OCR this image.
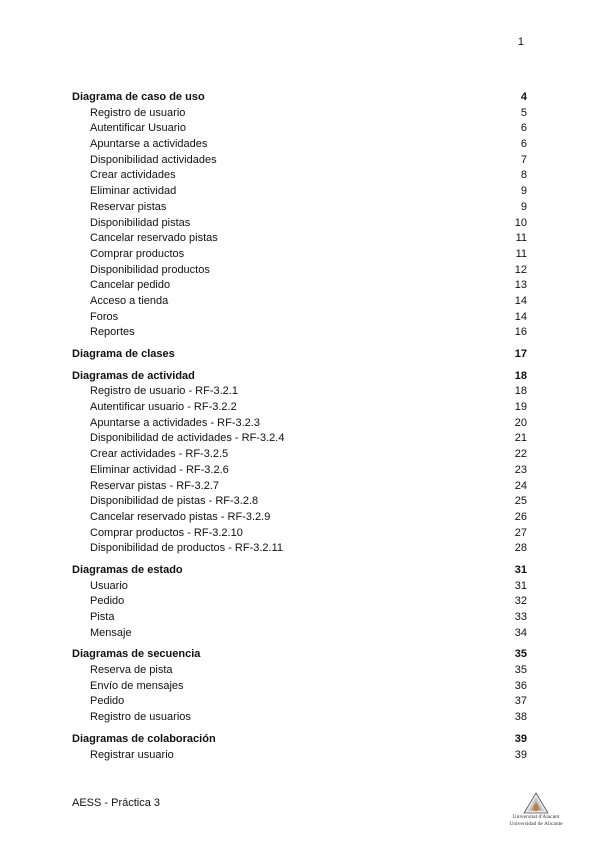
1
Diagrama de caso de uso	4
Registro de usuario	5
Autentificar Usuario	6
Apuntarse a actividades	6
Disponibilidad actividades	7
Crear actividades	8
Eliminar actividad	9
Reservar pistas	9
Disponibilidad pistas	10
Cancelar reservado pistas	11
Comprar productos	11
Disponibilidad productos	12
Cancelar pedido	13
Acceso a tienda	14
Foros	14
Reportes	16
Diagrama de clases	17
Diagramas de actividad	18
Registro de usuario - RF-3.2.1	18
Autentificar usuario - RF-3.2.2	19
Apuntarse a actividades - RF-3.2.3	20
Disponibilidad de actividades - RF-3.2.4	21
Crear actividades - RF-3.2.5	22
Eliminar actividad - RF-3.2.6	23
Reservar pistas - RF-3.2.7	24
Disponibilidad de pistas - RF-3.2.8	25
Cancelar reservado pistas - RF-3.2.9	26
Comprar productos - RF-3.2.10	27
Disponibilidad de productos - RF-3.2.11	28
Diagramas de estado	31
Usuario	31
Pedido	32
Pista	33
Mensaje	34
Diagramas de secuencia	35
Reserva de pista	35
Envío de mensajes	36
Pedido	37
Registro de usuarios	38
Diagramas de colaboración	39
Registrar usuario	39
AESS - Práctica 3
Universitat d'Alacant
Universidad de Alicante
